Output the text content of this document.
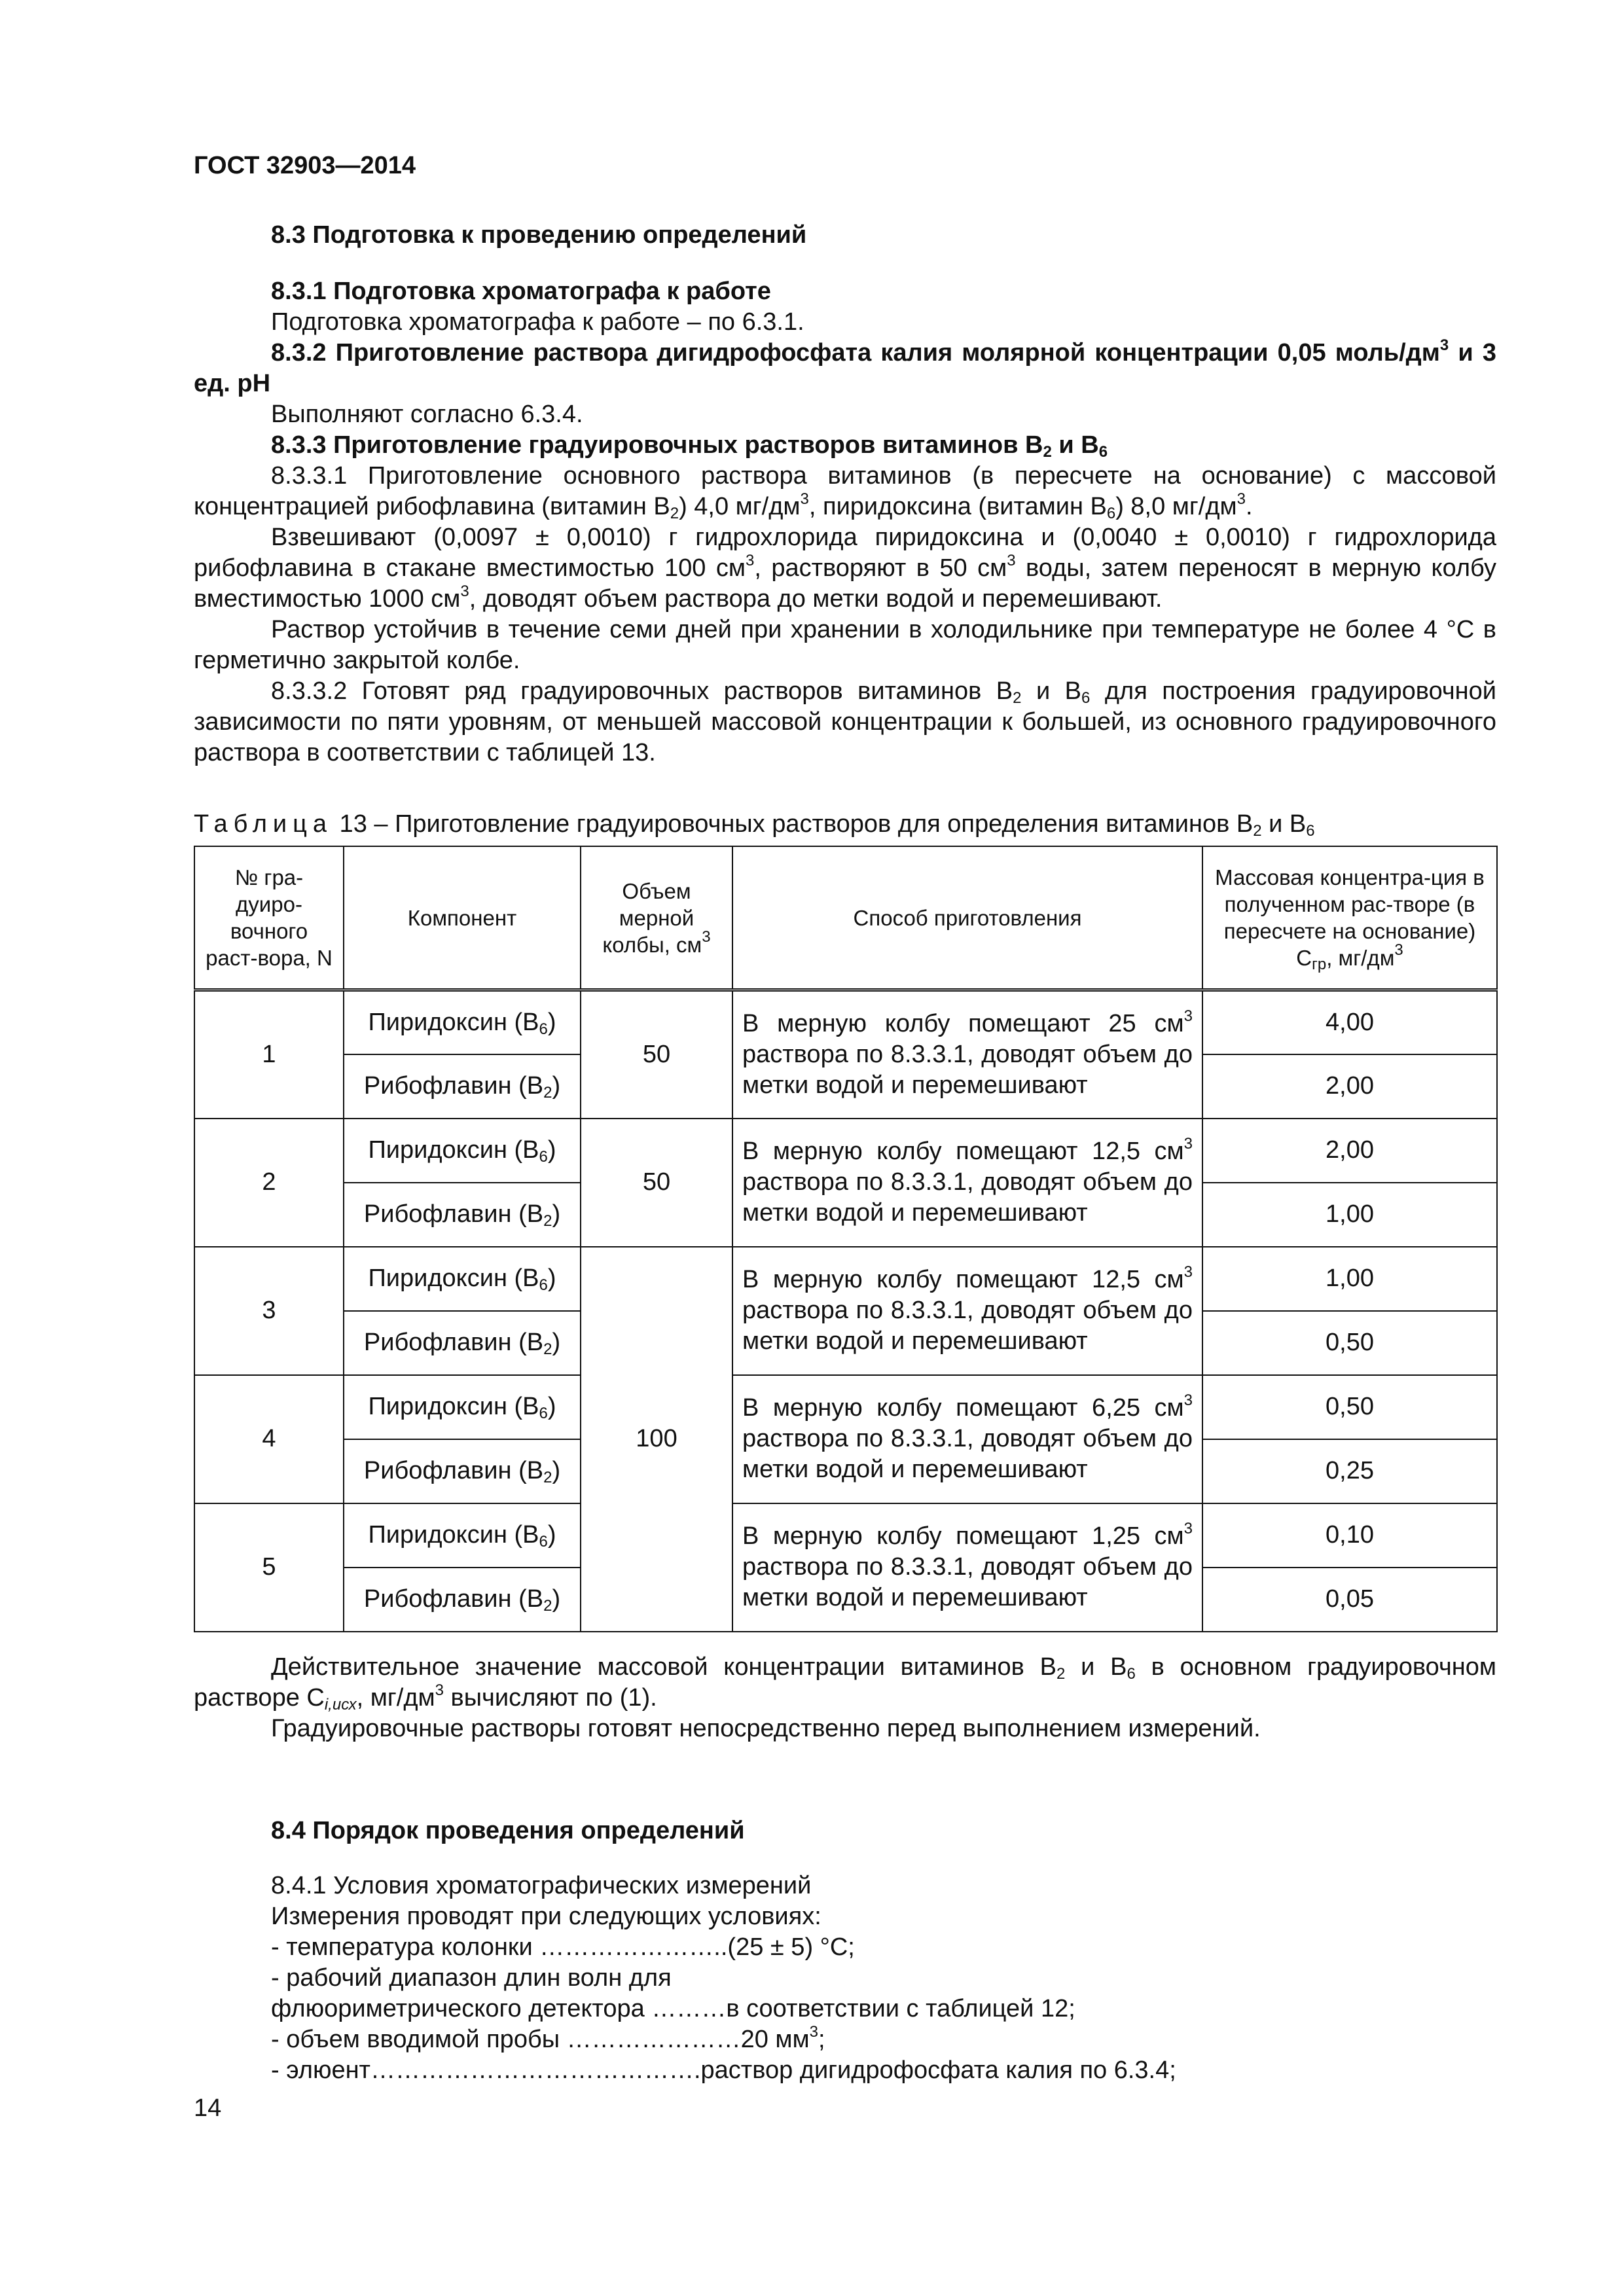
ГОСТ 32903—2014

8.3 Подготовка к проведению определений

8.3.1 Подготовка хроматографа к работе

Подготовка хроматографа к работе – по 6.3.1.

8.3.2 Приготовление раствора дигидрофосфата калия молярной концентрации 0,05 моль/$дм^3$ и 3 ед. рН

Выполняют согласно 6.3.4.

8.3.3 Приготовление градуировочных растворов витаминов $В_2$ и $В_6$

8.3.3.1 Приготовление основного раствора витаминов (в пересчете на основание) с массовой концентрацией рибофлавина (витамин $В_2$) 4,0 $мг/дм^3$, пиридоксина (витамин $В_6$) 8,0 $мг/дм^3$.

Взвешивают (0,0097 ± 0,0010) г гидрохлорида пиридоксина и (0,0040 ± 0,0010) г гидрохлорида рибофлавина в стакане вместимостью 100 $см^3$, растворяют в 50 $см^3$ воды, затем переносят в мерную колбу вместимостью 1000 $см^3$, доводят объем раствора до метки водой и перемешивают.

Раствор устойчив в течение семи дней при хранении в холодильнике при температуре не более 4 °С в герметично закрытой колбе.

8.3.3.2 Готовят ряд градуировочных растворов витаминов $В_2$ и $В_6$ для построения градуировочной зависимости по пяти уровням, от меньшей массовой концентрации к большей, из основного градуировочного раствора в соответствии с таблицей 13.

Таблица 13 – Приготовление градуировочных растворов для определения витаминов $В_2$ и $В_6$
№ гра-дуиро-вочного раст-вора, N	Компонент	Объем мерной колбы, $см^3$	Способ приготовления	Массовая концентра-ция в полученном рас-творе (в пересчете на основание) $С_{гр}$, $мг/дм^3$
1	Пиридоксин $(В_6)$	50	В мерную колбу помещают 25 $см^3$ раствора по 8.3.3.1, доводят объем до метки водой и перемешивают	4,00
	Рибофлавин $(В_2)$			2,00
2	Пиридоксин $(В_6)$	50	В мерную колбу помещают 12,5 $см^3$ раствора по 8.3.3.1, доводят объем до метки водой и перемешивают	2,00
	Рибофлавин $(В_2)$			1,00
3	Пиридоксин $(В_6)$	100	В мерную колбу помещают 12,5 $см^3$ раствора по 8.3.3.1, доводят объем до метки водой и перемешивают	1,00
	Рибофлавин $(В_2)$			0,50
4	Пиридоксин $(В_6)$		В мерную колбу помещают 6,25 $см^3$ раствора по 8.3.3.1, доводят объем до метки водой и перемешивают	0,50
	Рибофлавин $(В_2)$			0,25
5	Пиридоксин $(В_6)$		В мерную колбу помещают 1,25 $см^3$ раствора по 8.3.3.1, доводят объем до метки водой и перемешивают	0,10
	Рибофлавин $(В_2)$			0,05

Действительное значение массовой концентрации витаминов $В_2$ и $В_6$ в основном градуировочном растворе $С_{i,исх}$, $мг/дм^3$ вычисляют по (1).

Градуировочные растворы готовят непосредственно перед выполнением измерений.

8.4 Порядок проведения определений

8.4.1 Условия хроматографических измерений

Измерения проводят при следующих условиях:

- температура колонки …………………..(25 ± 5) °С;

- рабочий диапазон длин волн для

флюориметрического детектора ………в соответствии с таблицей 12;

- объем вводимой пробы …………………20 $мм^3$;

- элюент………………………………….раствор дигидрофосфата калия по 6.3.4;

14
